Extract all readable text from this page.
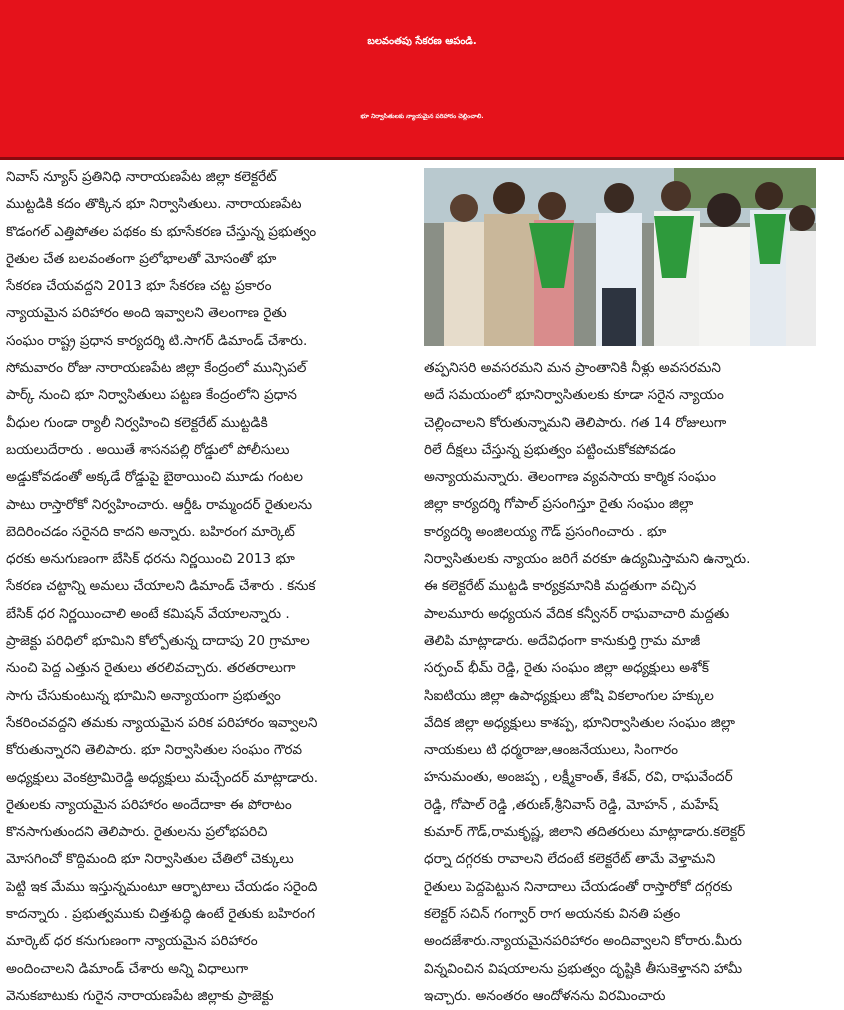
బలవంతపు సేకరణ ఆపండి.
భూ నిర్వాసితులకు న్యాయమైన పరిహారం చెల్లించాలి.
నివాస్ న్యూస్ ప్రతినిధి నారాయణపేట జిల్లా కలెక్టరేట్
ముట్టడికి కదం తొక్కిన భూ నిర్వాసితులు. నారాయణపేట
కొడంగల్ ఎత్తిపోతల పథకం కు భూసేకరణ చేస్తున్న ప్రభుత్వం
రైతుల చేత బలవంతంగా ప్రలోభాలతో మోసంతో భూ
సేకరణ చేయవద్దని 2013 భూ సేకరణ చట్ట ప్రకారం
న్యాయమైన పరిహారం అంది ఇవ్వాలని తెలంగాణ రైతు
సంఘం రాష్ట్ర ప్రధాన కార్యదర్శి టి.సాగర్ డిమాండ్ చేశారు.
సోమవారం రోజు నారాయణపేట జిల్లా కేంద్రంలో మున్సిపల్
పార్క్ నుంచి భూ నిర్వాసితులు పట్టణ కేంద్రంలోని ప్రధాన
వీధుల గుండా ర్యాలీ నిర్వహించి కలెక్టరేట్ ముట్టడికి
బయలుదేరారు . అయితే శాసనపల్లి రోడ్డులో పోలీసులు
అడ్డుకోవడంతో అక్కడే రోడ్డుపై బైఠాయించి మూడు గంటల
పాటు రాస్తారోకో నిర్వహించారు. ఆర్డీఓ రామ్మందర్ రైతులను
బెదిరించడం సరైనది కాదని అన్నారు. బహిరంగ మార్కెట్
ధరకు అనుగుణంగా బేసిక్ ధరను నిర్ణయించి 2013 భూ
సేకరణ చట్టాన్ని అమలు చేయాలని డిమాండ్ చేశారు . కనుక
బేసిక్ ధర నిర్ణయించాలి అంటే కమిషన్ వేయాలన్నారు .
ప్రాజెక్టు పరిధిలో భూమిని కోల్పోతున్న దాదాపు 20 గ్రామాల
నుంచి పెద్ద ఎత్తున రైతులు తరలివచ్చారు. తరతరాలుగా
సాగు చేసుకుంటున్న భూమిని అన్యాయంగా ప్రభుత్వం
సేకరించవద్దని తమకు న్యాయమైన పరిక పరిహారం ఇవ్వాలని
కోరుతున్నారని తెలిపారు. భూ నిర్వాసితుల సంఘం గౌరవ
అధ్యక్షులు వెంకట్రామిరెడ్డి అధ్యక్షులు మచ్చేందర్ మాట్లాడారు.
రైతులకు న్యాయమైన పరిహారం అందేదాకా ఈ పోరాటం
కొనసాగుతుందని తెలిపారు. రైతులను ప్రలోభపరిచి
మోసగించో కొద్దిమంది భూ నిర్వాసితుల చేతిలో చెక్కులు
పెట్టి ఇక మేము ఇస్తున్నమంటూ ఆర్భాటాలు చేయడం సరైంది
కాదన్నారు . ప్రభుత్వముకు చిత్తశుద్ధి ఉంటే రైతుకు బహిరంగ
మార్కెట్ ధర కనుగుణంగా న్యాయమైన పరిహారం
అందించాలని డిమాండ్ చేశారు అన్ని విధాలుగా
వెనుకబాటుకు గురైన నారాయణపేట జిల్లాకు ప్రాజెక్టు
తప్పనిసరి అవసరమని మన ప్రాంతానికి నీళ్లు అవసరమని
అదే సమయంలో భూనిర్వాసితులకు కూడా సరైన న్యాయం
చెల్లించాలని కోరుతున్నామని తెలిపారు. గత 14 రోజులుగా
రిలే దీక్షలు చేస్తున్న ప్రభుత్వం పట్టించుకోకపోవడం
అన్యాయమన్నారు. తెలంగాణ వ్యవసాయ కార్మిక సంఘం
జిల్లా కార్యదర్శి గోపాల్ ప్రసంగిస్తూ రైతు సంఘం జిల్లా
కార్యదర్శి అంజిలయ్య గౌడ్ ప్రసంగించారు . భూ
నిర్వాసితులకు న్యాయం జరిగే వరకూ ఉద్యమిస్తామని ఉన్నారు.
ఈ కలెక్టరేట్ ముట్టడి కార్యక్రమానికి మద్దతుగా వచ్చిన
పాలమూరు అధ్యయన వేదిక కన్వీనర్ రాఘవాచారి మద్దతు
తెలిపి మాట్లాడారు. అదేవిధంగా కానుకుర్తి గ్రామ మాజీ
సర్పంచ్ భీమ్ రెడ్డి, రైతు సంఘం జిల్లా అధ్యక్షులు అశోక్
సిఐటియు జిల్లా ఉపాధ్యక్షులు జోషి వికలాంగుల హక్కుల
వేదిక జిల్లా అధ్యక్షులు కాశప్ప, భూనిర్వాసితుల సంఘం జిల్లా
నాయకులు టి ధర్మరాజు,ఆంజనేయులు, సింగారం
హనుమంతు, అంజప్ప , లక్ష్మీకాంత్, కేశవ్, రవి, రాఘవేందర్
రెడ్డి, గోపాల్ రెడ్డి ,తరుణ్,శ్రీనివాస్ రెడ్డి, మోహన్ , మహేష్
కుమార్ గౌడ్,రామకృష్ణ, జిలాని తదితరులు మాట్లాడారు.కలెక్టర్
ధర్నా దగ్గరకు రావాలని లేదంటే కలెక్టరేట్ తామే వెళ్తామని
రైతులు పెద్దపెట్టున నినాదాలు చేయడంతో రాస్తారోకో దగ్గరకు
కలెక్టర్ సచిన్ గంగ్వార్ రాగ అయనకు వినతి పత్రం
అందజేశారు.న్యాయమైనపరిహారం అందివ్వాలని కోరారు.మీరు
విన్నవించిన విషయాలను ప్రభుత్వం దృష్టికి తీసుకెళ్తానని హామీ
ఇచ్చారు. అనంతరం ఆందోళనను విరమించారు
